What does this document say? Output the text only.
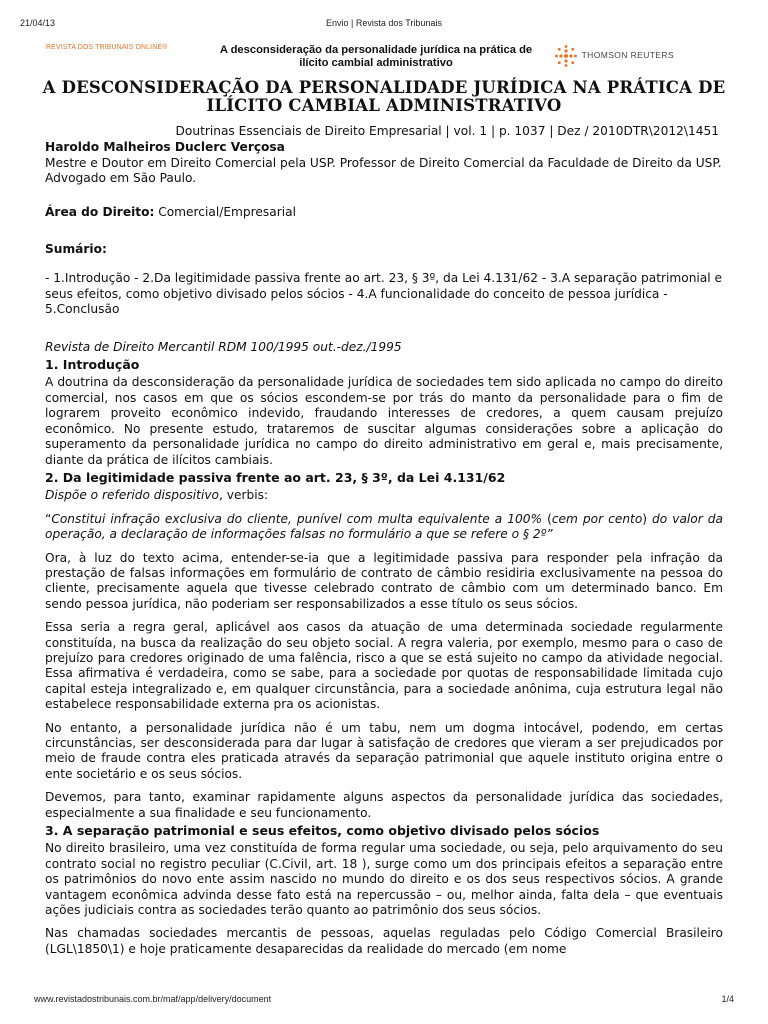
21/04/13	Envio | Revista dos Tribunais
REVISTA DOS TRIBUNAIS ONLINE®	A desconsideração da personalidade jurídica na prática de ilícito cambial administrativo
THOMSON REUTERS
A DESCONSIDERAÇÃO DA PERSONALIDADE JURÍDICA NA PRÁTICA DE ILÍCITO CAMBIAL ADMINISTRATIVO

Doutrinas Essenciais de Direito Empresarial | vol. 1 | p. 1037 | Dez / 2010DTR\2012\1451

Haroldo Malheiros Duclerc Verçosa

Mestre e Doutor em Direito Comercial pela USP. Professor de Direito Comercial da Faculdade de Direito da USP. Advogado em São Paulo.

Área do Direito: Comercial/Empresarial

Sumário:

- 1.Introdução - 2.Da legitimidade passiva frente ao art. 23, § 3º, da Lei 4.131/62 - 3.A separação patrimonial e seus efeitos, como objetivo divisado pelos sócios - 4.A funcionalidade do conceito de pessoa jurídica - 5.Conclusão

Revista de Direito Mercantil RDM 100/1995 out.-dez./1995

1. Introdução

A doutrina da desconsideração da personalidade jurídica de sociedades tem sido aplicada no campo do direito comercial, nos casos em que os sócios escondem-se por trás do manto da personalidade para o fim de lograrem proveito econômico indevido, fraudando interesses de credores, a quem causam prejuízo econômico. No presente estudo, trataremos de suscitar algumas considerações sobre a aplicação do superamento da personalidade jurídica no campo do direito administrativo em geral e, mais precisamente, diante da prática de ilícitos cambiais.

2. Da legitimidade passiva frente ao art. 23, § 3º, da Lei 4.131/62

Dispõe o referido dispositivo, verbis:

“Constitui infração exclusiva do cliente, punível com multa equivalente a 100% (cem por cento) do valor da operação, a declaração de informações falsas no formulário a que se refere o § 2º”

Ora, à luz do texto acima, entender-se-ia que a legitimidade passiva para responder pela infração da prestação de falsas informações em formulário de contrato de câmbio residiria exclusivamente na pessoa do cliente, precisamente aquela que tivesse celebrado contrato de câmbio com um determinado banco. Em sendo pessoa jurídica, não poderiam ser responsabilizados a esse título os seus sócios.

Essa seria a regra geral, aplicável aos casos da atuação de uma determinada sociedade regularmente constituída, na busca da realização do seu objeto social. A regra valeria, por exemplo, mesmo para o caso de prejuízo para credores originado de uma falência, risco a que se está sujeito no campo da atividade negocial. Essa afirmativa é verdadeira, como se sabe, para a sociedade por quotas de responsabilidade limitada cujo capital esteja integralizado e, em qualquer circunstância, para a sociedade anônima, cuja estrutura legal não estabelece responsabilidade externa pra os acionistas.

No entanto, a personalidade jurídica não é um tabu, nem um dogma intocável, podendo, em certas circunstâncias, ser desconsiderada para dar lugar à satisfação de credores que vieram a ser prejudicados por meio de fraude contra eles praticada através da separação patrimonial que aquele instituto origina entre o ente societário e os seus sócios.

Devemos, para tanto, examinar rapidamente alguns aspectos da personalidade jurídica das sociedades, especialmente a sua finalidade e seu funcionamento.

3. A separação patrimonial e seus efeitos, como objetivo divisado pelos sócios

No direito brasileiro, uma vez constituída de forma regular uma sociedade, ou seja, pelo arquivamento do seu contrato social no registro peculiar (C.Civil, art. 18 ), surge como um dos principais efeitos a separação entre os patrimônios do novo ente assim nascido no mundo do direito e os dos seus respectivos sócios. A grande vantagem econômica advinda desse fato está na repercussão – ou, melhor ainda, falta dela – que eventuais ações judiciais contra as sociedades terão quanto ao patrimônio dos seus sócios.

Nas chamadas sociedades mercantis de pessoas, aquelas reguladas pelo Código Comercial Brasileiro (LGL\1850\1) e hoje praticamente desaparecidas da realidade do mercado (em nome

www.revistadostribunais.com.br/maf/app/delivery/document	1/4
